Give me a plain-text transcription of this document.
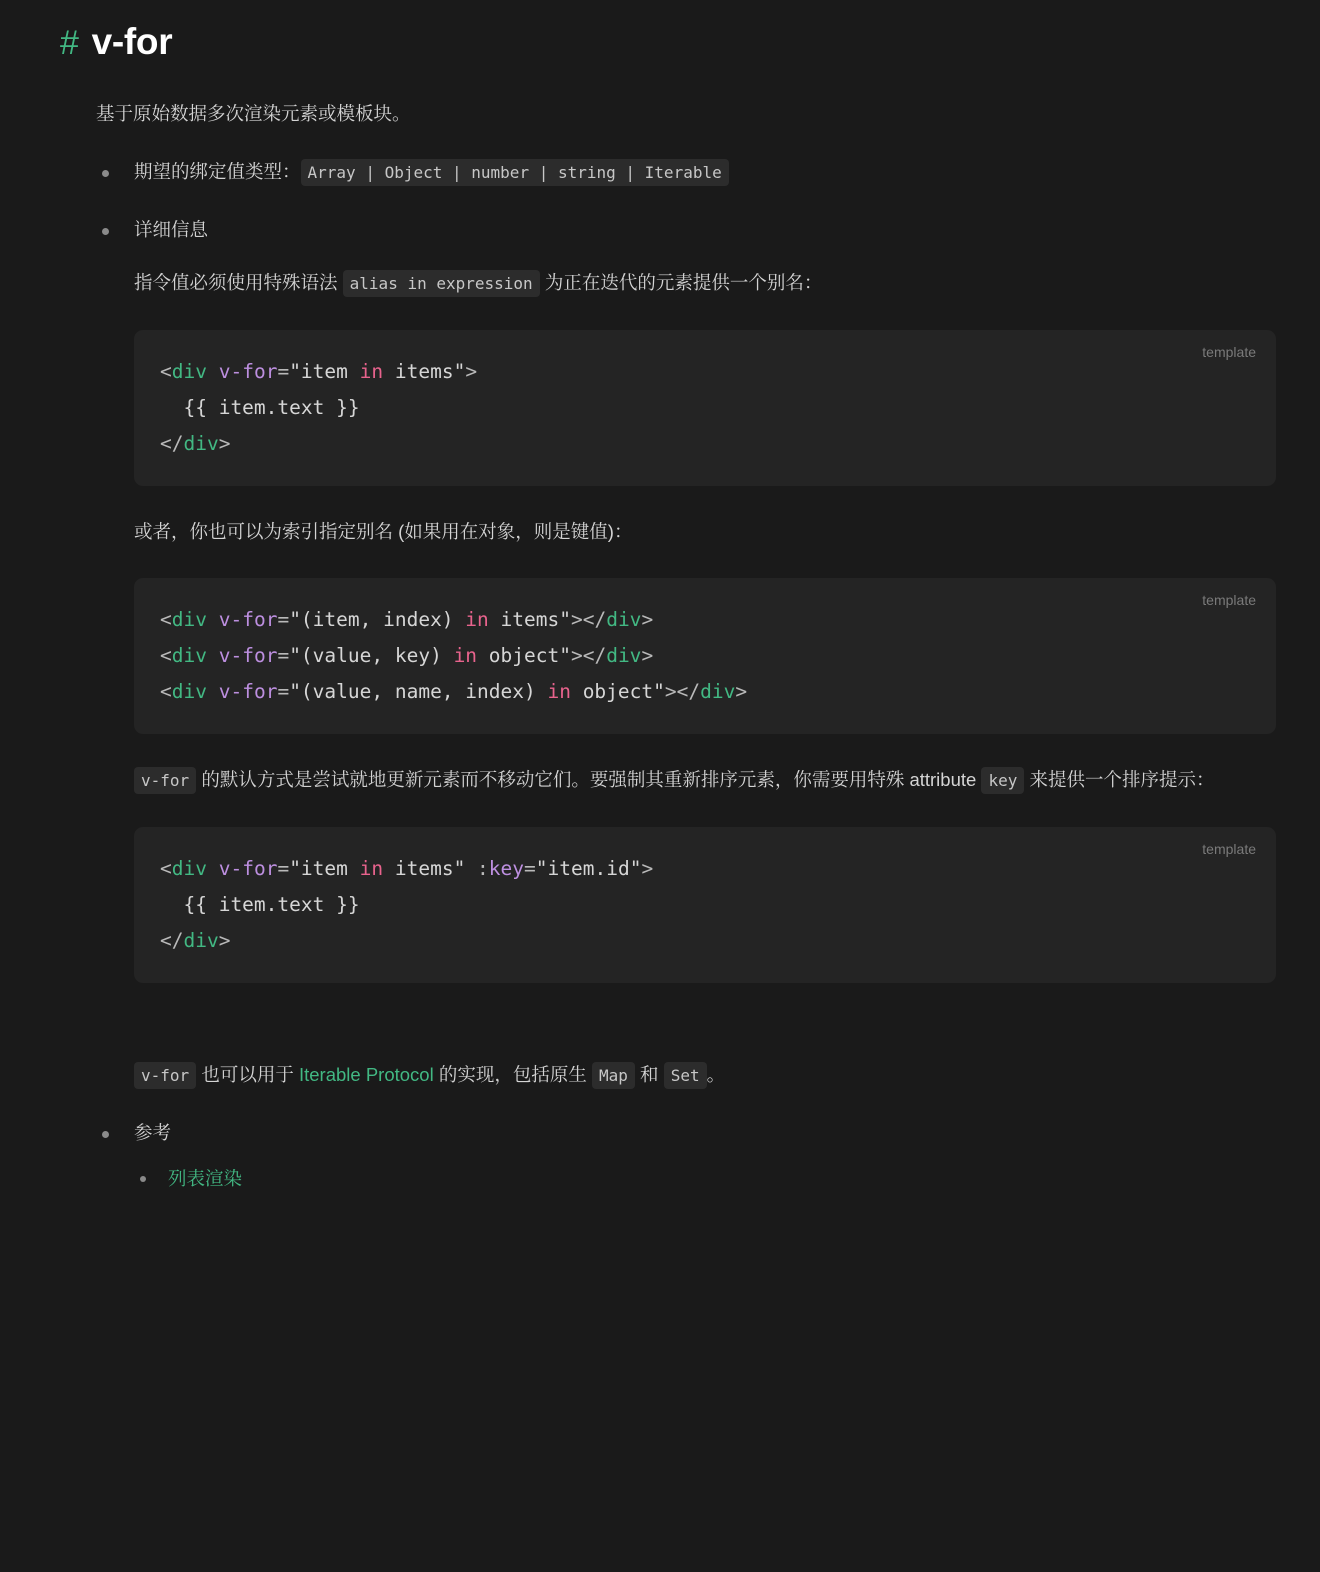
# v-for

基于原始数据多次渲染元素或模板块。

期望的绑定值类型： Array | Object | number | string | Iterable
详细信息

指令值必须使用特殊语法 alias in expression 为正在迭代的元素提供一个别名：

template
<div v-for="item in items">
{{ item.text }}
</div>

或者，你也可以为索引指定别名 (如果用在对象，则是键值)：

template
<div v-for="(item, index) in items"></div>
<div v-for="(value, key) in object"></div>
<div v-for="(value, name, index) in object"></div>

v-for 的默认方式是尝试就地更新元素而不移动它们。要强制其重新排序元素，你需要用特殊 attribute key 来提供一个排序提示：

template
<div v-for="item in items" :key="item.id">
{{ item.text }}
</div>

v-for 也可以用于 Iterable Protocol 的实现，包括原生 Map 和 Set 。

参考
列表渲染
